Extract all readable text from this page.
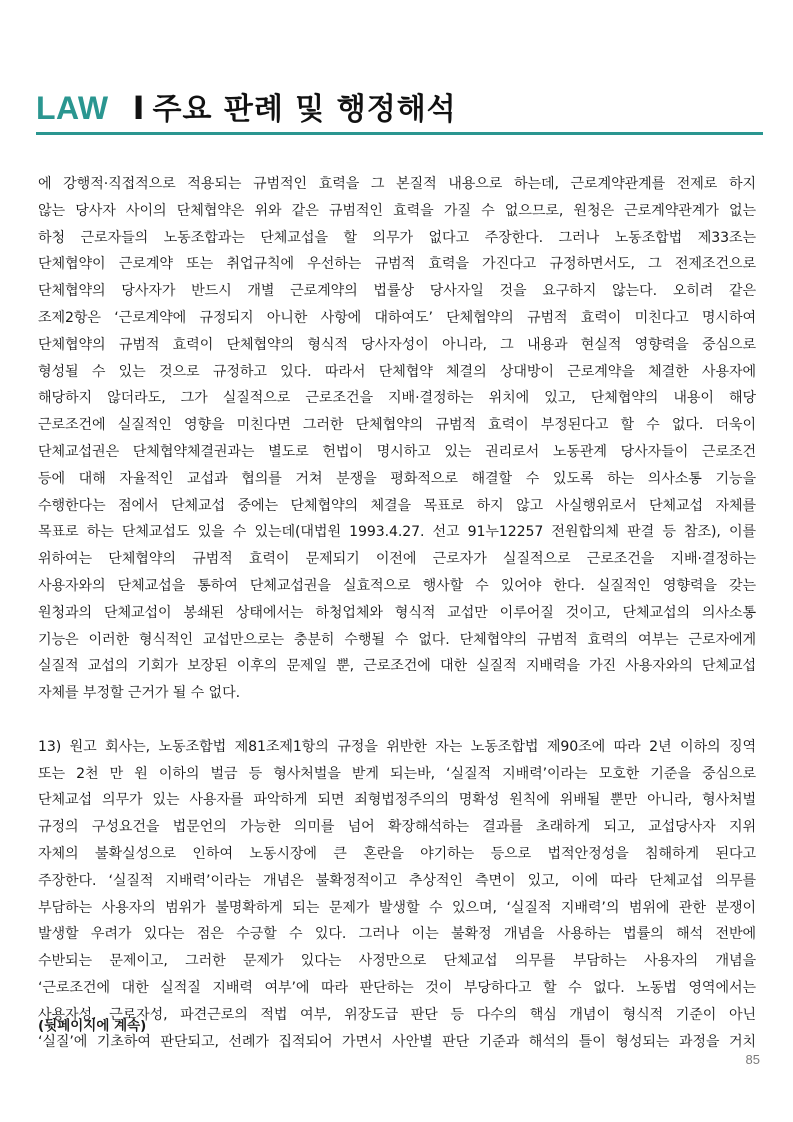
LAW I 주요 판례 및 행정해석
에 강행적·직접적으로 적용되는 규범적인 효력을 그 본질적 내용으로 하는데, 근로계약관계를 전제로 하지
않는 당사자 사이의 단체협약은 위와 같은 규범적인 효력을 가질 수 없으므로, 원청은 근로계약관계가 없는
하청 근로자들의 노동조합과는 단체교섭을 할 의무가 없다고 주장한다. 그러나 노동조합법 제33조는
단체협약이 근로계약 또는 취업규칙에 우선하는 규범적 효력을 가진다고 규정하면서도, 그 전제조건으로
단체협약의 당사자가 반드시 개별 근로계약의 법률상 당사자일 것을 요구하지 않는다. 오히려 같은
조제2항은 ‘근로계약에 규정되지 아니한 사항에 대하여도’ 단체협약의 규범적 효력이 미친다고 명시하여
단체협약의 규범적 효력이 단체협약의 형식적 당사자성이 아니라, 그 내용과 현실적 영향력을 중심으로
형성될 수 있는 것으로 규정하고 있다. 따라서 단체협약 체결의 상대방이 근로계약을 체결한 사용자에
해당하지 않더라도, 그가 실질적으로 근로조건을 지배·결정하는 위치에 있고, 단체협약의 내용이 해당
근로조건에 실질적인 영향을 미친다면 그러한 단체협약의 규범적 효력이 부정된다고 할 수 없다. 더욱이
단체교섭권은 단체협약체결권과는 별도로 헌법이 명시하고 있는 권리로서 노동관계 당사자들이 근로조건
등에 대해 자율적인 교섭과 협의를 거쳐 분쟁을 평화적으로 해결할 수 있도록 하는 의사소통 기능을
수행한다는 점에서 단체교섭 중에는 단체협약의 체결을 목표로 하지 않고 사실행위로서 단체교섭 자체를
목표로 하는 단체교섭도 있을 수 있는데(대법원 1993.4.27. 선고 91누12257 전원합의체 판결 등 참조), 이를
위하여는 단체협약의 규범적 효력이 문제되기 이전에 근로자가 실질적으로 근로조건을 지배·결정하는
사용자와의 단체교섭을 통하여 단체교섭권을 실효적으로 행사할 수 있어야 한다. 실질적인 영향력을 갖는
원청과의 단체교섭이 봉쇄된 상태에서는 하청업체와 형식적 교섭만 이루어질 것이고, 단체교섭의 의사소통
기능은 이러한 형식적인 교섭만으로는 충분히 수행될 수 없다. 단체협약의 규범적 효력의 여부는 근로자에게
실질적 교섭의 기회가 보장된 이후의 문제일 뿐, 근로조건에 대한 실질적 지배력을 가진 사용자와의 단체교섭
자체를 부정할 근거가 될 수 없다.
13) 원고 회사는, 노동조합법 제81조제1항의 규정을 위반한 자는 노동조합법 제90조에 따라 2년 이하의 징역
또는 2천 만 원 이하의 벌금 등 형사처벌을 받게 되는바, ‘실질적 지배력’이라는 모호한 기준을 중심으로
단체교섭 의무가 있는 사용자를 파악하게 되면 죄형법정주의의 명확성 원칙에 위배될 뿐만 아니라, 형사처벌
규정의 구성요건을 법문언의 가능한 의미를 넘어 확장해석하는 결과를 초래하게 되고, 교섭당사자 지위
자체의 불확실성으로 인하여 노동시장에 큰 혼란을 야기하는 등으로 법적안정성을 침해하게 된다고
주장한다. ‘실질적 지배력’이라는 개념은 불확정적이고 추상적인 측면이 있고, 이에 따라 단체교섭 의무를
부담하는 사용자의 범위가 불명확하게 되는 문제가 발생할 수 있으며, ‘실질적 지배력’의 범위에 관한 분쟁이
발생할 우려가 있다는 점은 수긍할 수 있다. 그러나 이는 불확정 개념을 사용하는 법률의 해석 전반에
수반되는 문제이고, 그러한 문제가 있다는 사정만으로 단체교섭 의무를 부담하는 사용자의 개념을
‘근로조건에 대한 실적질 지배력 여부’에 따라 판단하는 것이 부당하다고 할 수 없다. 노동법 영역에서는
사용자성, 근로자성, 파견근로의 적법 여부, 위장도급 판단 등 다수의 핵심 개념이 형식적 기준이 아닌
‘실질’에 기초하여 판단되고, 선례가 집적되어 가면서 사안별 판단 기준과 해석의 틀이 형성되는 과정을 거치
(뒷페이지에 계속)
85
